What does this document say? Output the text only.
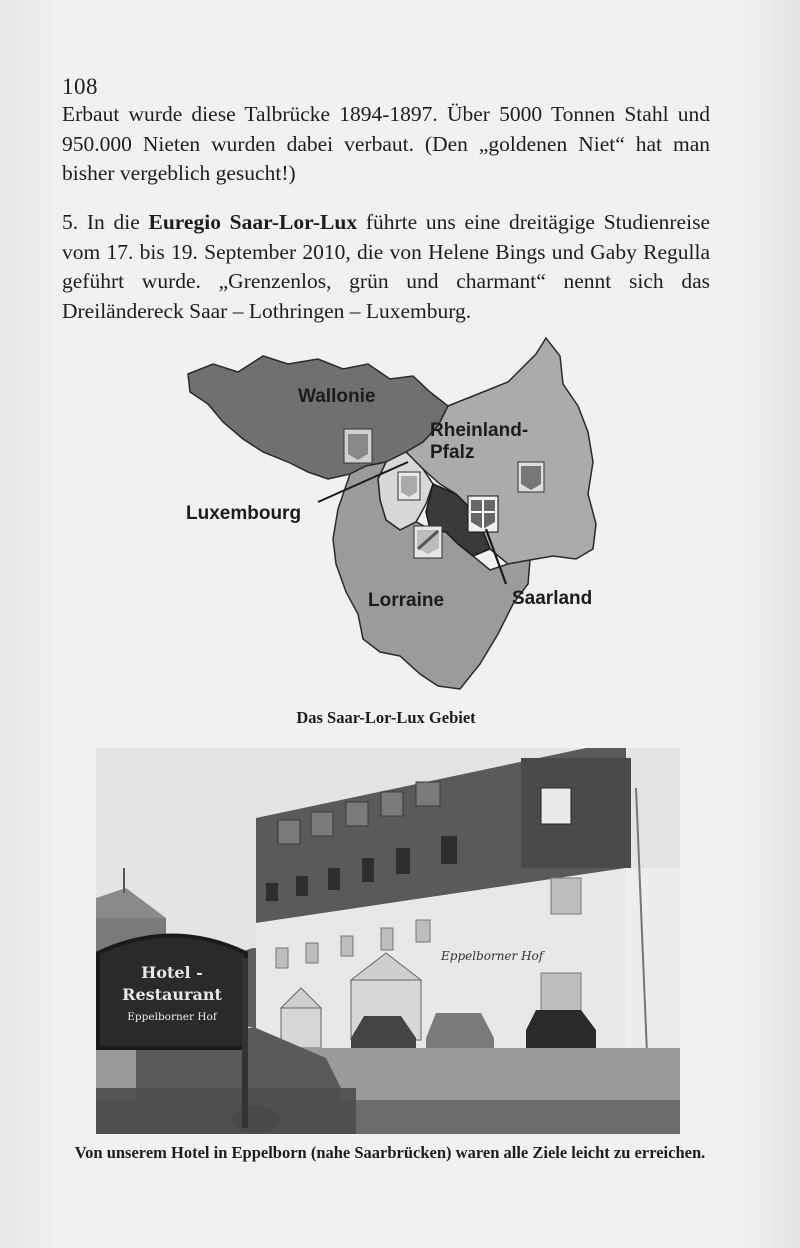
108

Erbaut wurde diese Talbrücke 1894-1897. Über 5000 Tonnen Stahl und 950.000 Nieten wurden dabei verbaut. (Den „goldenen Niet“ hat man bisher vergeblich gesucht!)

5. In die Euregio Saar-Lor-Lux führte uns eine dreitägige Studienreise vom 17. bis 19. September 2010, die von Helene Bings und Gaby Regulla geführt wurde. „Grenzenlos, grün und charmant“ nennt sich das Dreiländereck Saar – Lothringen – Luxemburg.

Wallonie
Rheinland-
Pfalz
Luxembourg
Lorraine	Saarland

Das Saar-Lor-Lux Gebiet

Eppelborner Hof
Hotel -
Restaurant
Eppelborner Hof

Von unserem Hotel in Eppelborn (nahe Saarbrücken) waren alle Ziele leicht zu erreichen.
